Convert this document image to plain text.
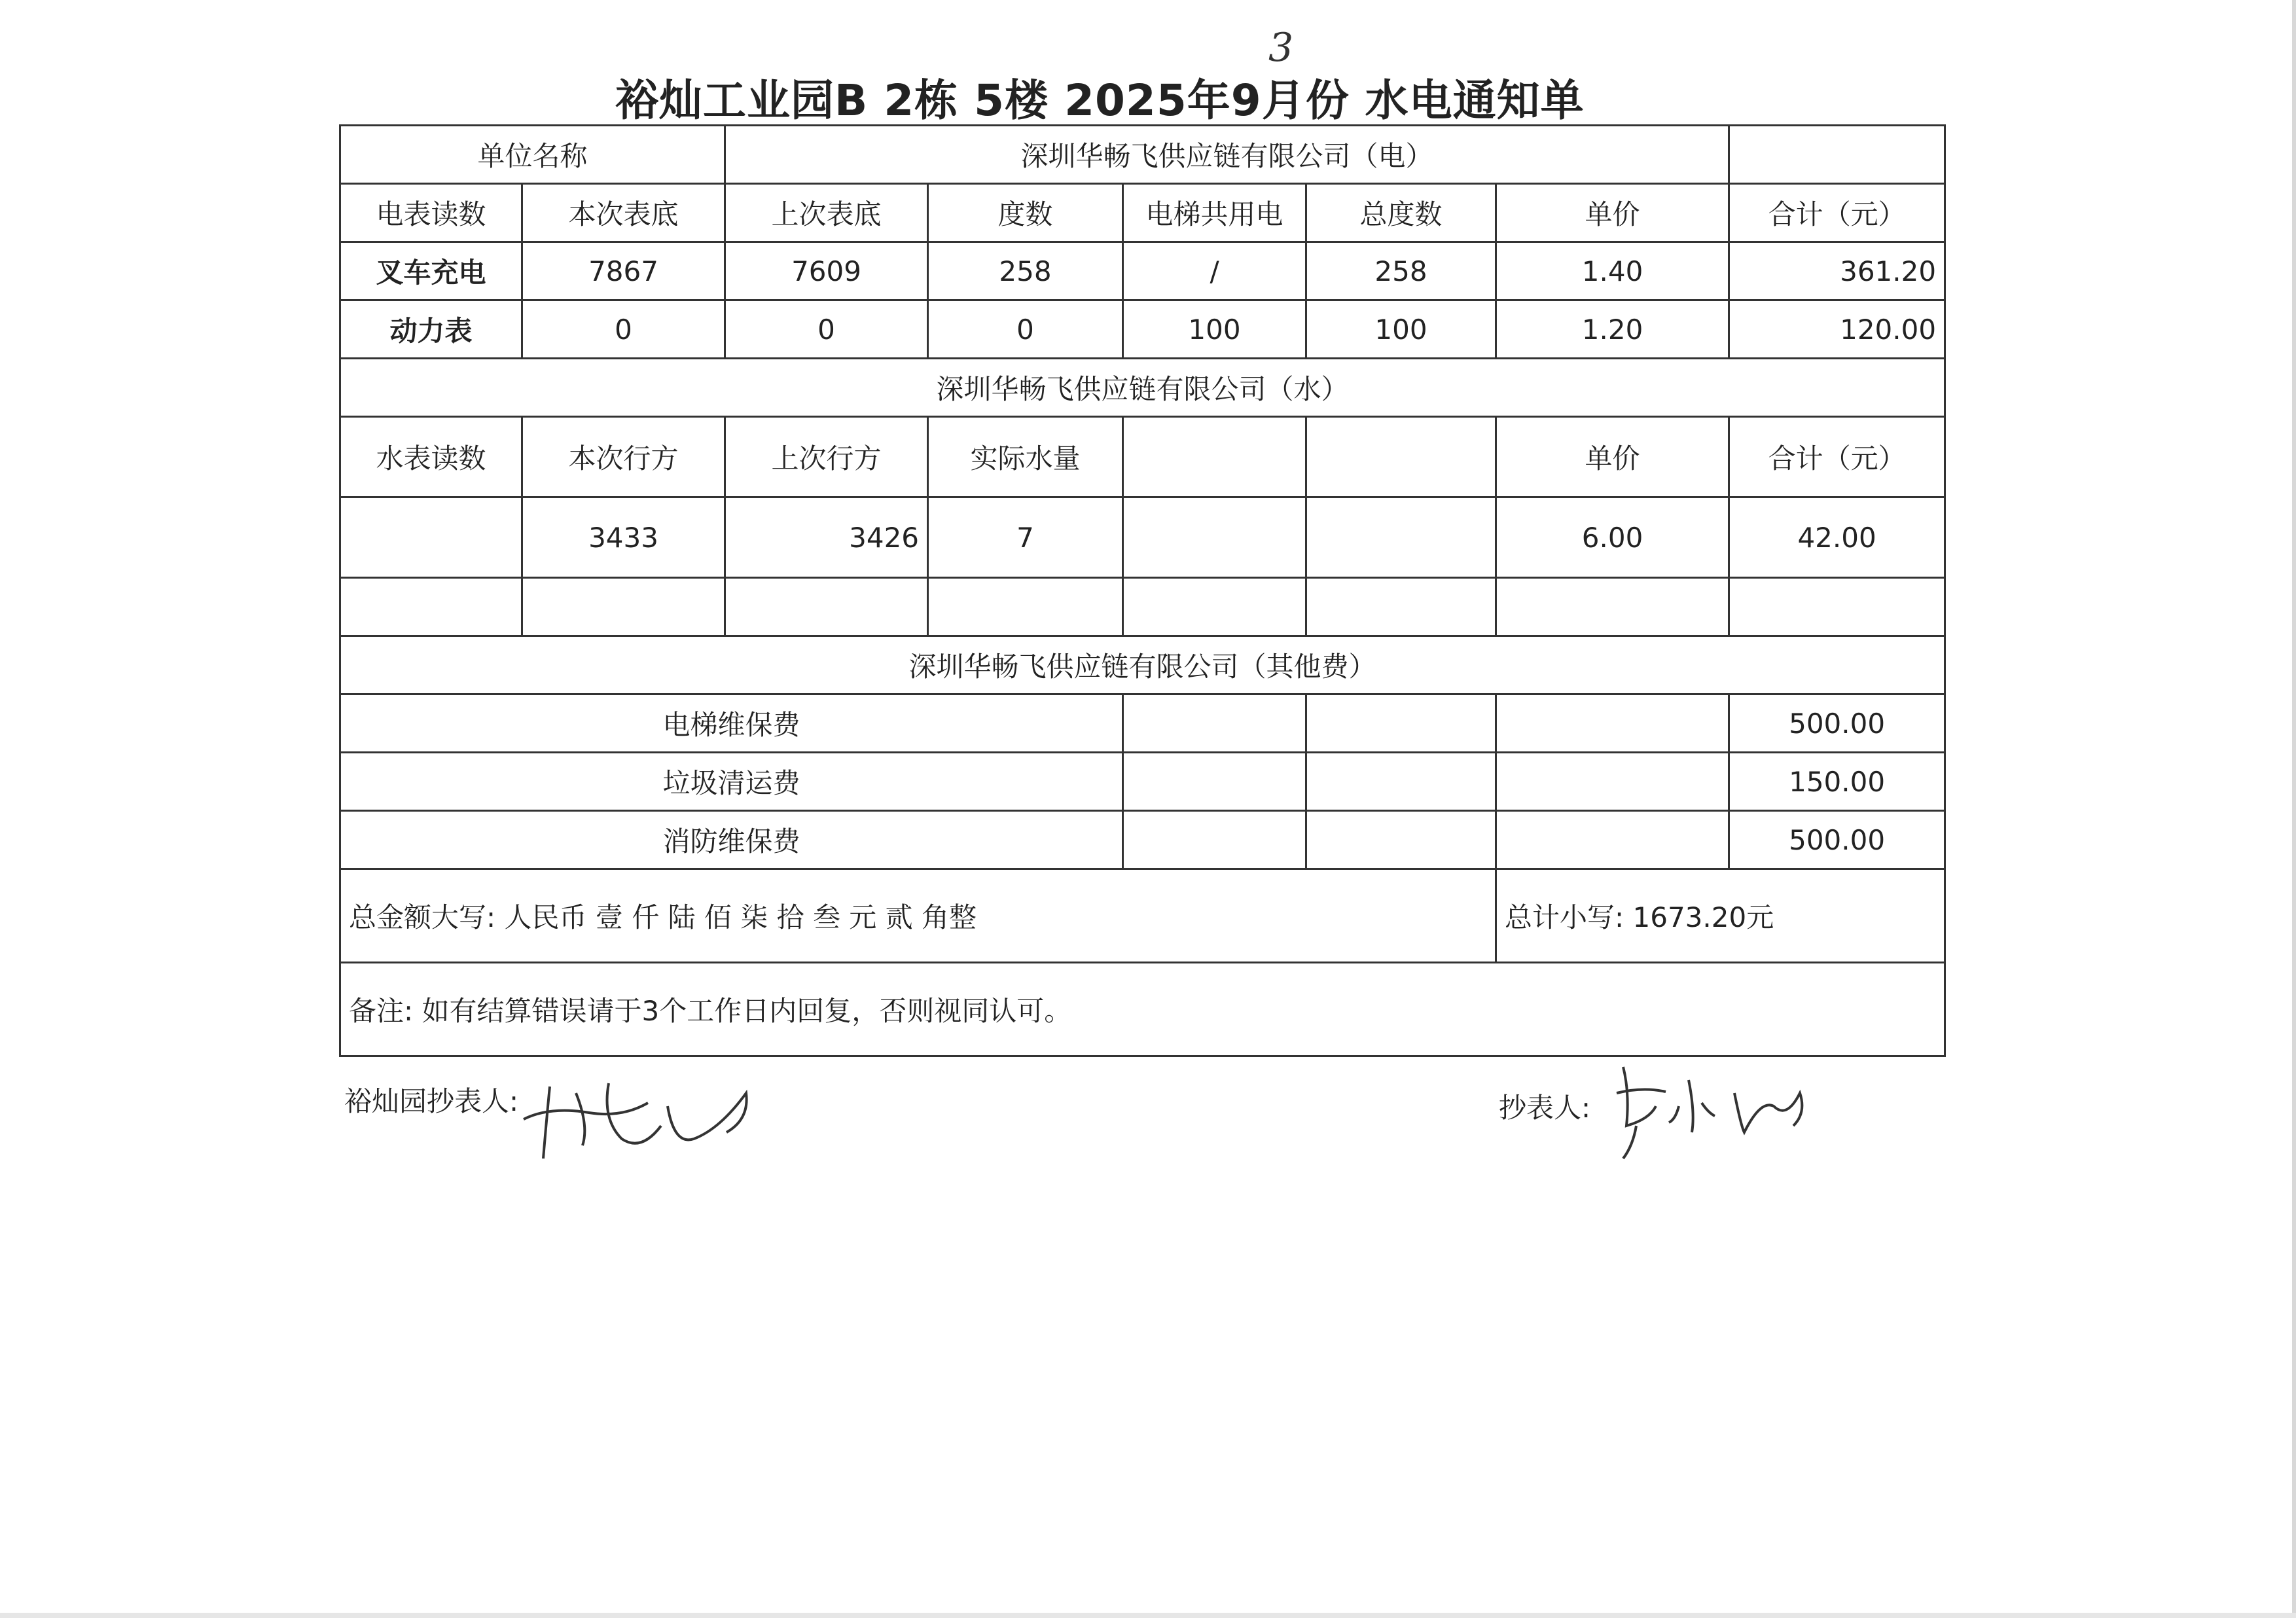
裕灿工业园B 2栋 5楼 2025年9月份 水电通知单
3
单位名称		深圳华畅飞供应链有限公司（电）					
电表读数	本次表底	上次表底	度数	电梯共用电	总度数	单价	合计（元）
叉车充电	7867	7609	258	/	258	1.40	361.20
动力表	0	0	0	100	100	1.20	120.00
深圳华畅飞供应链有限公司（水）							
水表读数	本次行方	上次行方	实际水量			单价	合计（元）
	3433	3426	7			6.00	42.00

深圳华畅飞供应链有限公司（其他费）							
电梯维保费							500.00
垃圾清运费							150.00
消防维保费							500.00
总金额大写: 人民币 壹 仟 陆 佰 柒 拾 叁 元 贰 角整						总计小写: 1673.20元	
备注: 如有结算错误请于3个工作日内回复，否则视同认可。							
裕灿园抄表人:	抄表人:
